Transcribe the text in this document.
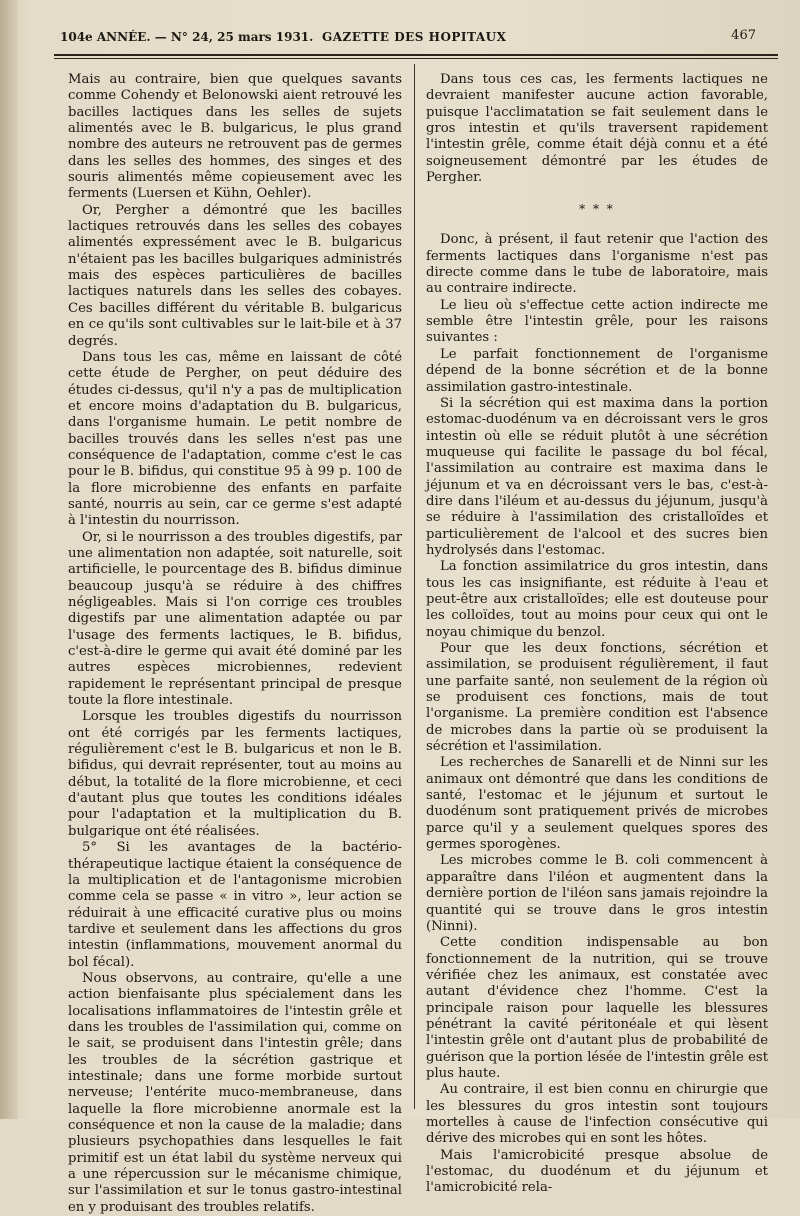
104e ANNÉE. — N° 24, 25 mars 1931. GAZETTE DES HOPITAUX	467

Mais au contraire, bien que quelques savants comme Cohendy et Belonowski aient retrouvé les bacilles lactiques dans les selles de sujets alimentés avec le B. bulgaricus, le plus grand nombre des auteurs ne retrouvent pas de germes dans les selles des hommes, des singes et des souris alimentés même copieusement avec les ferments (Luersen et Kühn, Oehler).

Or, Pergher a démontré que les bacilles lactiques retrouvés dans les selles des cobayes alimentés expressément avec le B. bulgaricus n'étaient pas les bacilles bulgariques administrés mais des espèces particulières de bacilles lactiques naturels dans les selles des cobayes. Ces bacilles différent du véritable B. bulgaricus en ce qu'ils sont cultivables sur le lait-bile et à 37 degrés.

Dans tous les cas, même en laissant de côté cette étude de Pergher, on peut déduire des études ci-dessus, qu'il n'y a pas de multiplication et encore moins d'adaptation du B. bulgaricus, dans l'organisme humain. Le petit nombre de bacilles trouvés dans les selles n'est pas une conséquence de l'adaptation, comme c'est le cas pour le B. bifidus, qui constitue 95 à 99 p. 100 de la flore microbienne des enfants en parfaite santé, nourris au sein, car ce germe s'est adapté à l'intestin du nourrisson.

Or, si le nourrisson a des troubles digestifs, par une alimentation non adaptée, soit naturelle, soit artificielle, le pourcentage des B. bifidus diminue beaucoup jusqu'à se réduire à des chiffres négligeables. Mais si l'on corrige ces troubles digestifs par une alimentation adaptée ou par l'usage des ferments lactiques, le B. bifidus, c'est-à-dire le germe qui avait été dominé par les autres espèces microbiennes, redevient rapidement le représentant principal de presque toute la flore intestinale.

Lorsque les troubles digestifs du nourrisson ont été corrigés par les ferments lactiques, régulièrement c'est le B. bulgaricus et non le B. bifidus, qui devrait représenter, tout au moins au début, la totalité de la flore microbienne, et ceci d'autant plus que toutes les conditions idéales pour l'adaptation et la multiplication du B. bulgarique ont été réalisées.

5° Si les avantages de la bactério-thérapeutique lactique étaient la conséquence de la multiplication et de l'antagonisme microbien comme cela se passe « in vitro », leur action se réduirait à une efficacité curative plus ou moins tardive et seulement dans les affections du gros intestin (inflammations, mouvement anormal du bol fécal).

Nous observons, au contraire, qu'elle a une action bienfaisante plus spécialement dans les localisations inflammatoires de l'intestin grêle et dans les troubles de l'assimilation qui, comme on le sait, se produisent dans l'intestin grêle; dans les troubles de la sécrétion gastrique et intestinale; dans une forme morbide surtout nerveuse; l'entérite muco-membraneuse, dans laquelle la flore microbienne anormale est la conséquence et non la cause de la maladie; dans plusieurs psychopathies dans lesquelles le fait primitif est un état labil du système nerveux qui a une répercussion sur le mécanisme chimique, sur l'assimilation et sur le tonus gastro-intestinal en y produisant des troubles relatifs.

Dans tous ces cas, les ferments lactiques ne devraient manifester aucune action favorable, puisque l'acclimatation se fait seulement dans le gros intestin et qu'ils traversent rapidement l'intestin grêle, comme était déjà connu et a été soigneusement démontré par les études de Pergher.

* * *

Donc, à présent, il faut retenir que l'action des ferments lactiques dans l'organisme n'est pas directe comme dans le tube de laboratoire, mais au contraire indirecte.

Le lieu où s'effectue cette action indirecte me semble être l'intestin grêle, pour les raisons suivantes :

Le parfait fonctionnement de l'organisme dépend de la bonne sécrétion et de la bonne assimilation gastro-intestinale.

Si la sécrétion qui est maxima dans la portion estomac-duodénum va en décroissant vers le gros intestin où elle se réduit plutôt à une sécrétion muqueuse qui facilite le passage du bol fécal, l'assimilation au contraire est maxima dans le jéjunum et va en décroissant vers le bas, c'est-à-dire dans l'iléum et au-dessus du jéjunum, jusqu'à se réduire à l'assimilation des cristalloïdes et particulièrement de l'alcool et des sucres bien hydrolysés dans l'estomac.

La fonction assimilatrice du gros intestin, dans tous les cas insignifiante, est réduite à l'eau et peut-être aux cristalloïdes; elle est douteuse pour les colloïdes, tout au moins pour ceux qui ont le noyau chimique du benzol.

Pour que les deux fonctions, sécrétion et assimilation, se produisent régulièrement, il faut une parfaite santé, non seulement de la région où se produisent ces fonctions, mais de tout l'organisme. La première condition est l'absence de microbes dans la partie où se produisent la sécrétion et l'assimilation.

Les recherches de Sanarelli et de Ninni sur les animaux ont démontré que dans les conditions de santé, l'estomac et le jéjunum et surtout le duodénum sont pratiquement privés de microbes parce qu'il y a seulement quelques spores des germes sporogènes.

Les microbes comme le B. coli commencent à apparaître dans l'iléon et augmentent dans la dernière portion de l'iléon sans jamais rejoindre la quantité qui se trouve dans le gros intestin (Ninni).

Cette condition indispensable au bon fonctionnement de la nutrition, qui se trouve vérifiée chez les animaux, est constatée avec autant d'évidence chez l'homme. C'est la principale raison pour laquelle les blessures pénétrant la cavité péritonéale et qui lèsent l'intestin grêle ont d'autant plus de probabilité de guérison que la portion lésée de l'intestin grêle est plus haute.

Au contraire, il est bien connu en chirurgie que les blessures du gros intestin sont toujours mortelles à cause de l'infection consécutive qui dérive des microbes qui en sont les hôtes.

Mais l'amicrobicité presque absolue de l'estomac, du duodénum et du jéjunum et l'amicrobicité rela-
